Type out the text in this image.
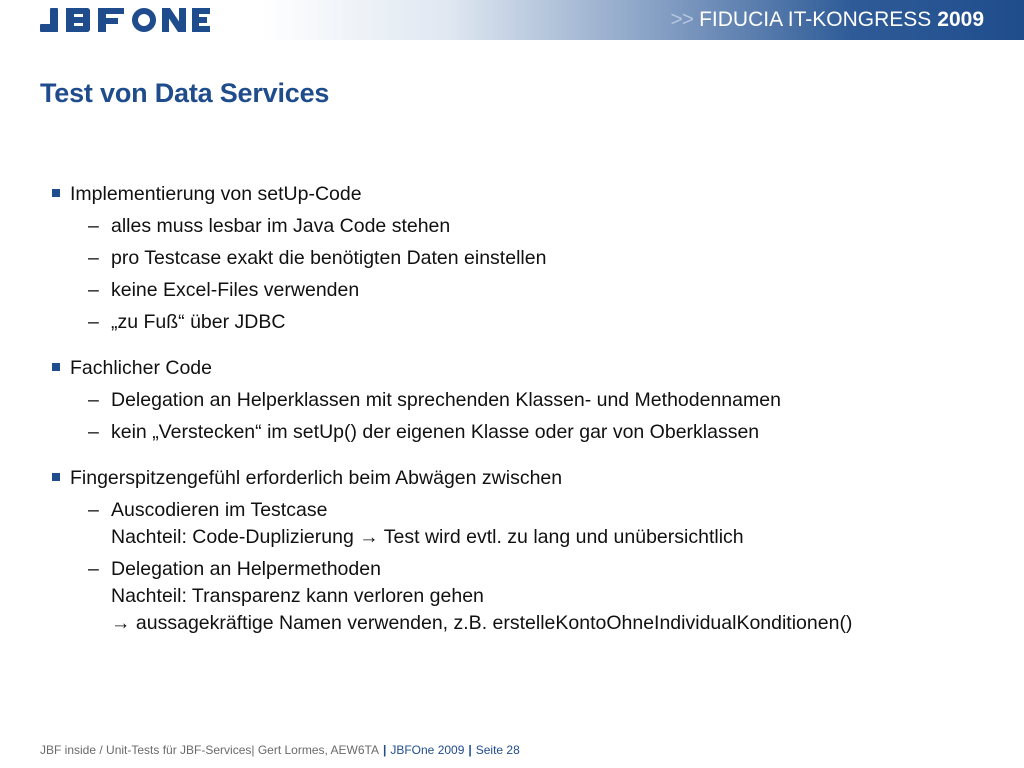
>> FIDUCIA IT-KONGRESS 2009
Test von Data Services
Implementierung von setUp-Code
– alles muss lesbar im Java Code stehen
– pro Testcase exakt die benötigten Daten einstellen
– keine Excel-Files verwenden
– „zu Fuß“ über JDBC
Fachlicher Code
– Delegation an Helperklassen mit sprechenden Klassen- und Methodennamen
– kein „Verstecken“ im setUp() der eigenen Klasse oder gar von Oberklassen
Fingerspitzengefühl erforderlich beim Abwägen zwischen
– Auscodieren im Testcase
Nachteil: Code-Duplizierung → Test wird evtl. zu lang und unübersichtlich
– Delegation an Helpermethoden
Nachteil: Transparenz kann verloren gehen
→ aussagekräftige Namen verwenden, z.B. erstelleKontoOhneIndividualKonditionen()
JBF inside / Unit-Tests für JBF-Services| Gert Lormes, AEW6TA | JBFOne 2009 | Seite 28
